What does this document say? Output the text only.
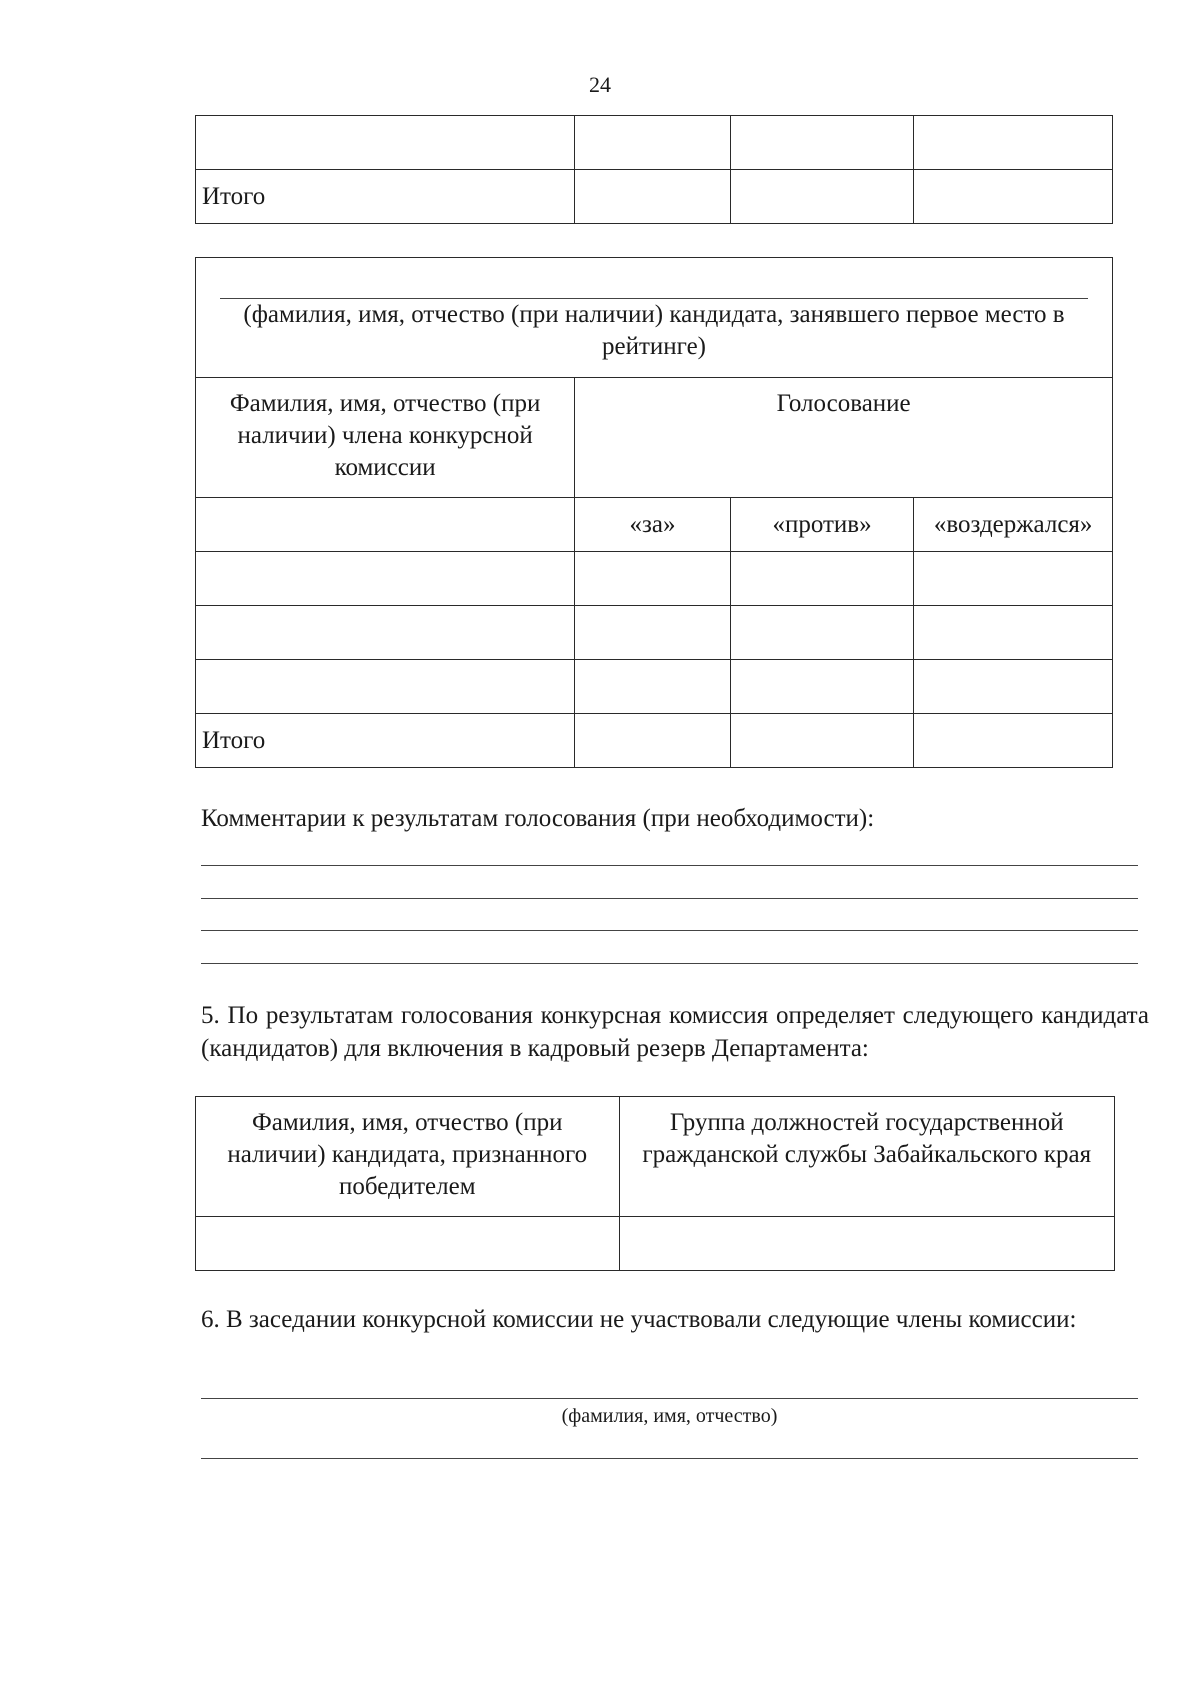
24

Итого			
(фамилия, имя, отчество (при наличии) кандидата, занявшего первое место в рейтинге)			

Фамилия, имя, отчество (при наличии) члена конкурсной комиссии	Голосование		
	«за»	«против»	«воздержался»

Итого			
Комментарии к результатам голосования (при необходимости):
5. По результатам голосования конкурсная комиссия определяет следующего кандидата (кандидатов) для включения в кадровый резерв Департамента:
Фамилия, имя, отчество (при наличии) кандидата, признанного победителем	Группа должностей государственной гражданской службы Забайкальского края

6. В заседании конкурсной комиссии не участвовали следующие члены комиссии:
(фамилия, имя, отчество)
